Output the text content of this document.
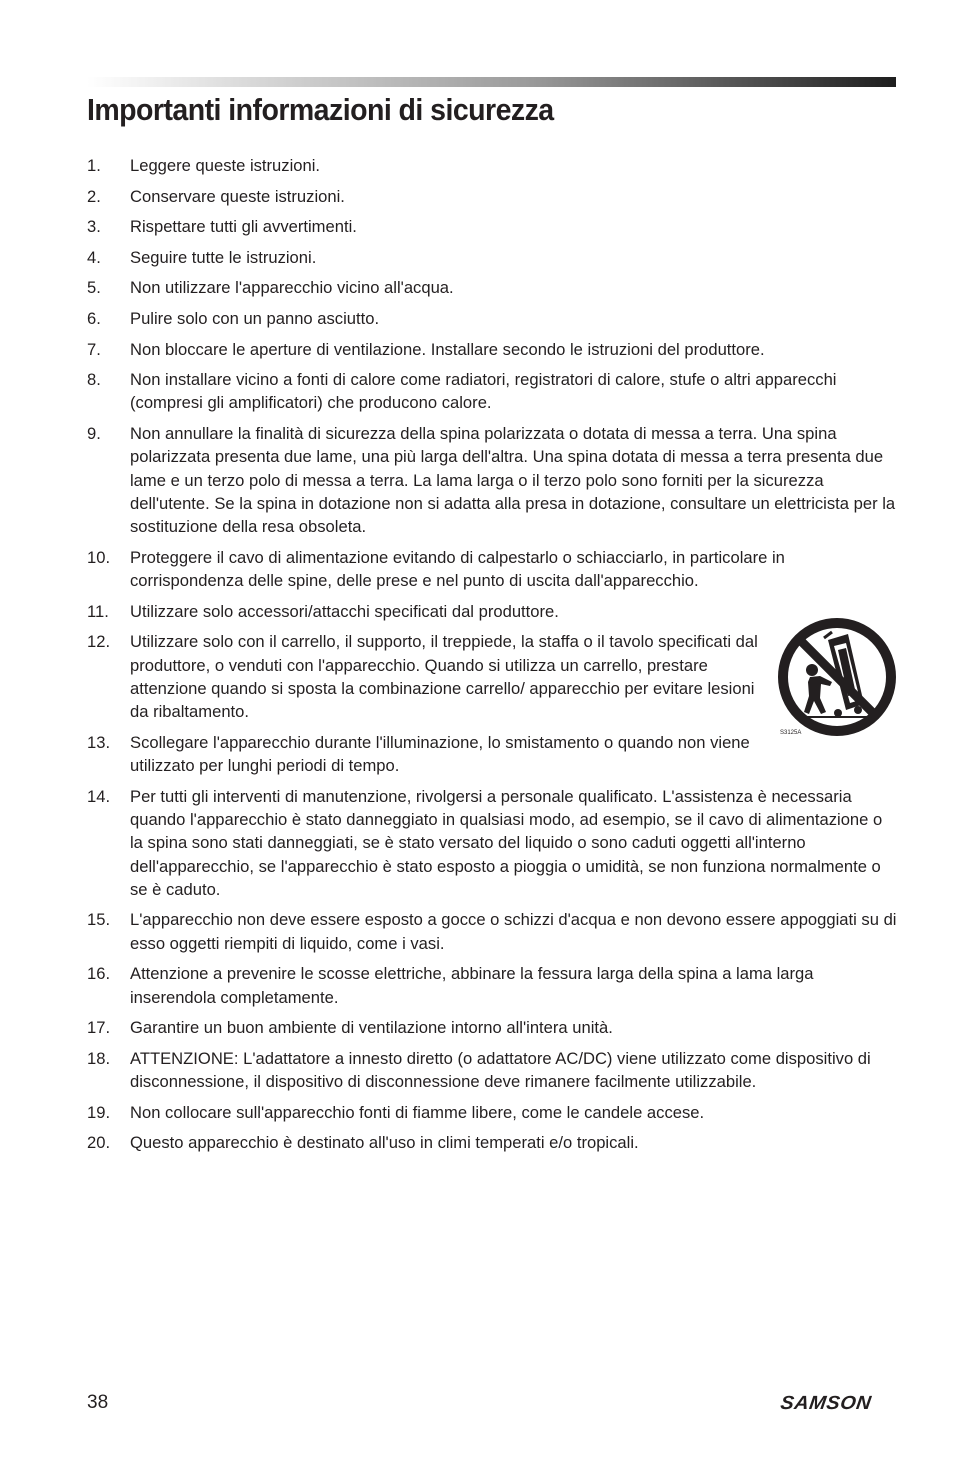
Importanti informazioni di sicurezza
1. Leggere queste istruzioni.
2. Conservare queste istruzioni.
3. Rispettare tutti gli avvertimenti.
4. Seguire tutte le istruzioni.
5. Non utilizzare l'apparecchio vicino all'acqua.
6. Pulire solo con un panno asciutto.
7. Non bloccare le aperture di ventilazione. Installare secondo le istruzioni del produttore.
8. Non installare vicino a fonti di calore come radiatori, registratori di calore, stufe o altri apparecchi (compresi gli amplificatori) che producono calore.
9. Non annullare la finalità di sicurezza della spina polarizzata o dotata di messa a terra. Una spina polarizzata presenta due lame, una più larga dell'altra. Una spina dotata di messa a terra presenta due lame e un terzo polo di messa a terra. La lama larga o il terzo polo sono forniti per la sicurezza dell'utente. Se la spina in dotazione non si adatta alla presa in dotazione, consultare un elettricista per la sostituzione della resa obsoleta.
10. Proteggere il cavo di alimentazione evitando di calpestarlo o schiacciarlo, in particolare in corrispondenza delle spine, delle prese e nel punto di uscita dall'apparecchio.
11. Utilizzare solo accessori/attacchi specificati dal produttore.
12. Utilizzare solo con il carrello, il supporto, il treppiede, la staffa o il tavolo specificati dal produttore, o venduti con l'apparecchio. Quando si utilizza un carrello, prestare attenzione quando si sposta la combinazione carrello/ apparecchio per evitare lesioni da ribaltamento.
13. Scollegare l'apparecchio durante l'illuminazione, lo smistamento o quando non viene utilizzato per lunghi periodi di tempo.
14. Per tutti gli interventi di manutenzione, rivolgersi a personale qualificato. L'assistenza è necessaria quando l'apparecchio è stato danneggiato in qualsiasi modo, ad esempio, se il cavo di alimentazione o la spina sono stati danneggiati, se è stato versato del liquido o sono caduti oggetti all'interno dell'apparecchio, se l'apparecchio è stato esposto a pioggia o umidità, se non funziona normalmente o se è caduto.
15. L'apparecchio non deve essere esposto a gocce o schizzi d'acqua e non devono essere appoggiati su di esso oggetti riempiti di liquido, come i vasi.
16. Attenzione a prevenire le scosse elettriche, abbinare la fessura larga della spina a lama larga inserendola completamente.
17. Garantire un buon ambiente di ventilazione intorno all'intera unità.
18. ATTENZIONE: L'adattatore a innesto diretto (o adattatore AC/DC) viene utilizzato come dispositivo di disconnessione, il dispositivo di disconnessione deve rimanere facilmente utilizzabile.
19. Non collocare sull'apparecchio fonti di fiamme libere, come le candele accese.
20. Questo apparecchio è destinato all'uso in climi temperati e/o tropicali.
S3125A
38	SAMSON
